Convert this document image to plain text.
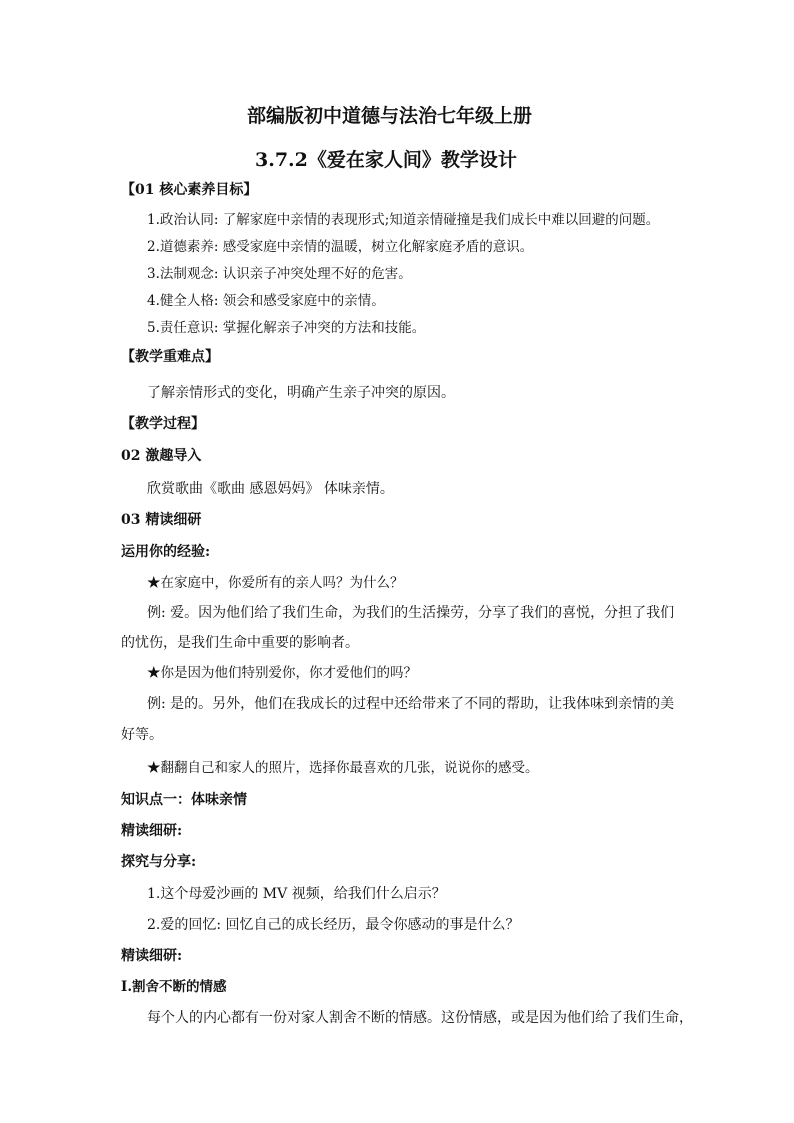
部编版初中道德与法治七年级上册
3.7.2《爱在家人间》教学设计
【01 核心素养目标】
1.政治认同: 了解家庭中亲情的表现形式;知道亲情碰撞是我们成长中难以回避的问题。
2.道德素养: 感受家庭中亲情的温暖，树立化解家庭矛盾的意识。
3.法制观念: 认识亲子冲突处理不好的危害。
4.健全人格: 领会和感受家庭中的亲情。
5.责任意识: 掌握化解亲子冲突的方法和技能。
【教学重难点】
了解亲情形式的变化，明确产生亲子冲突的原因。
【教学过程】
02 激趣导入
欣赏歌曲《歌曲 感恩妈妈》 体味亲情。
03 精读细研
运用你的经验:
★在家庭中，你爱所有的亲人吗？为什么？
例: 爱。因为他们给了我们生命，为我们的生活操劳，分享了我们的喜悦，分担了我们
的忧伤，是我们生命中重要的影响者。
★你是因为他们特别爱你，你才爱他们的吗？
例: 是的。另外，他们在我成长的过程中还给带来了不同的帮助，让我体味到亲情的美
好等。
★翻翻自己和家人的照片，选择你最喜欢的几张，说说你的感受。
知识点一：体味亲情
精读细研:
探究与分享:
1.这个母爱沙画的 MV 视频，给我们什么启示？
2.爱的回忆: 回忆自己的成长经历，最令你感动的事是什么？
精读细研:
Ⅰ.割舍不断的情感
每个人的内心都有一份对家人割舍不断的情感。这份情感，或是因为他们给了我们生命，
